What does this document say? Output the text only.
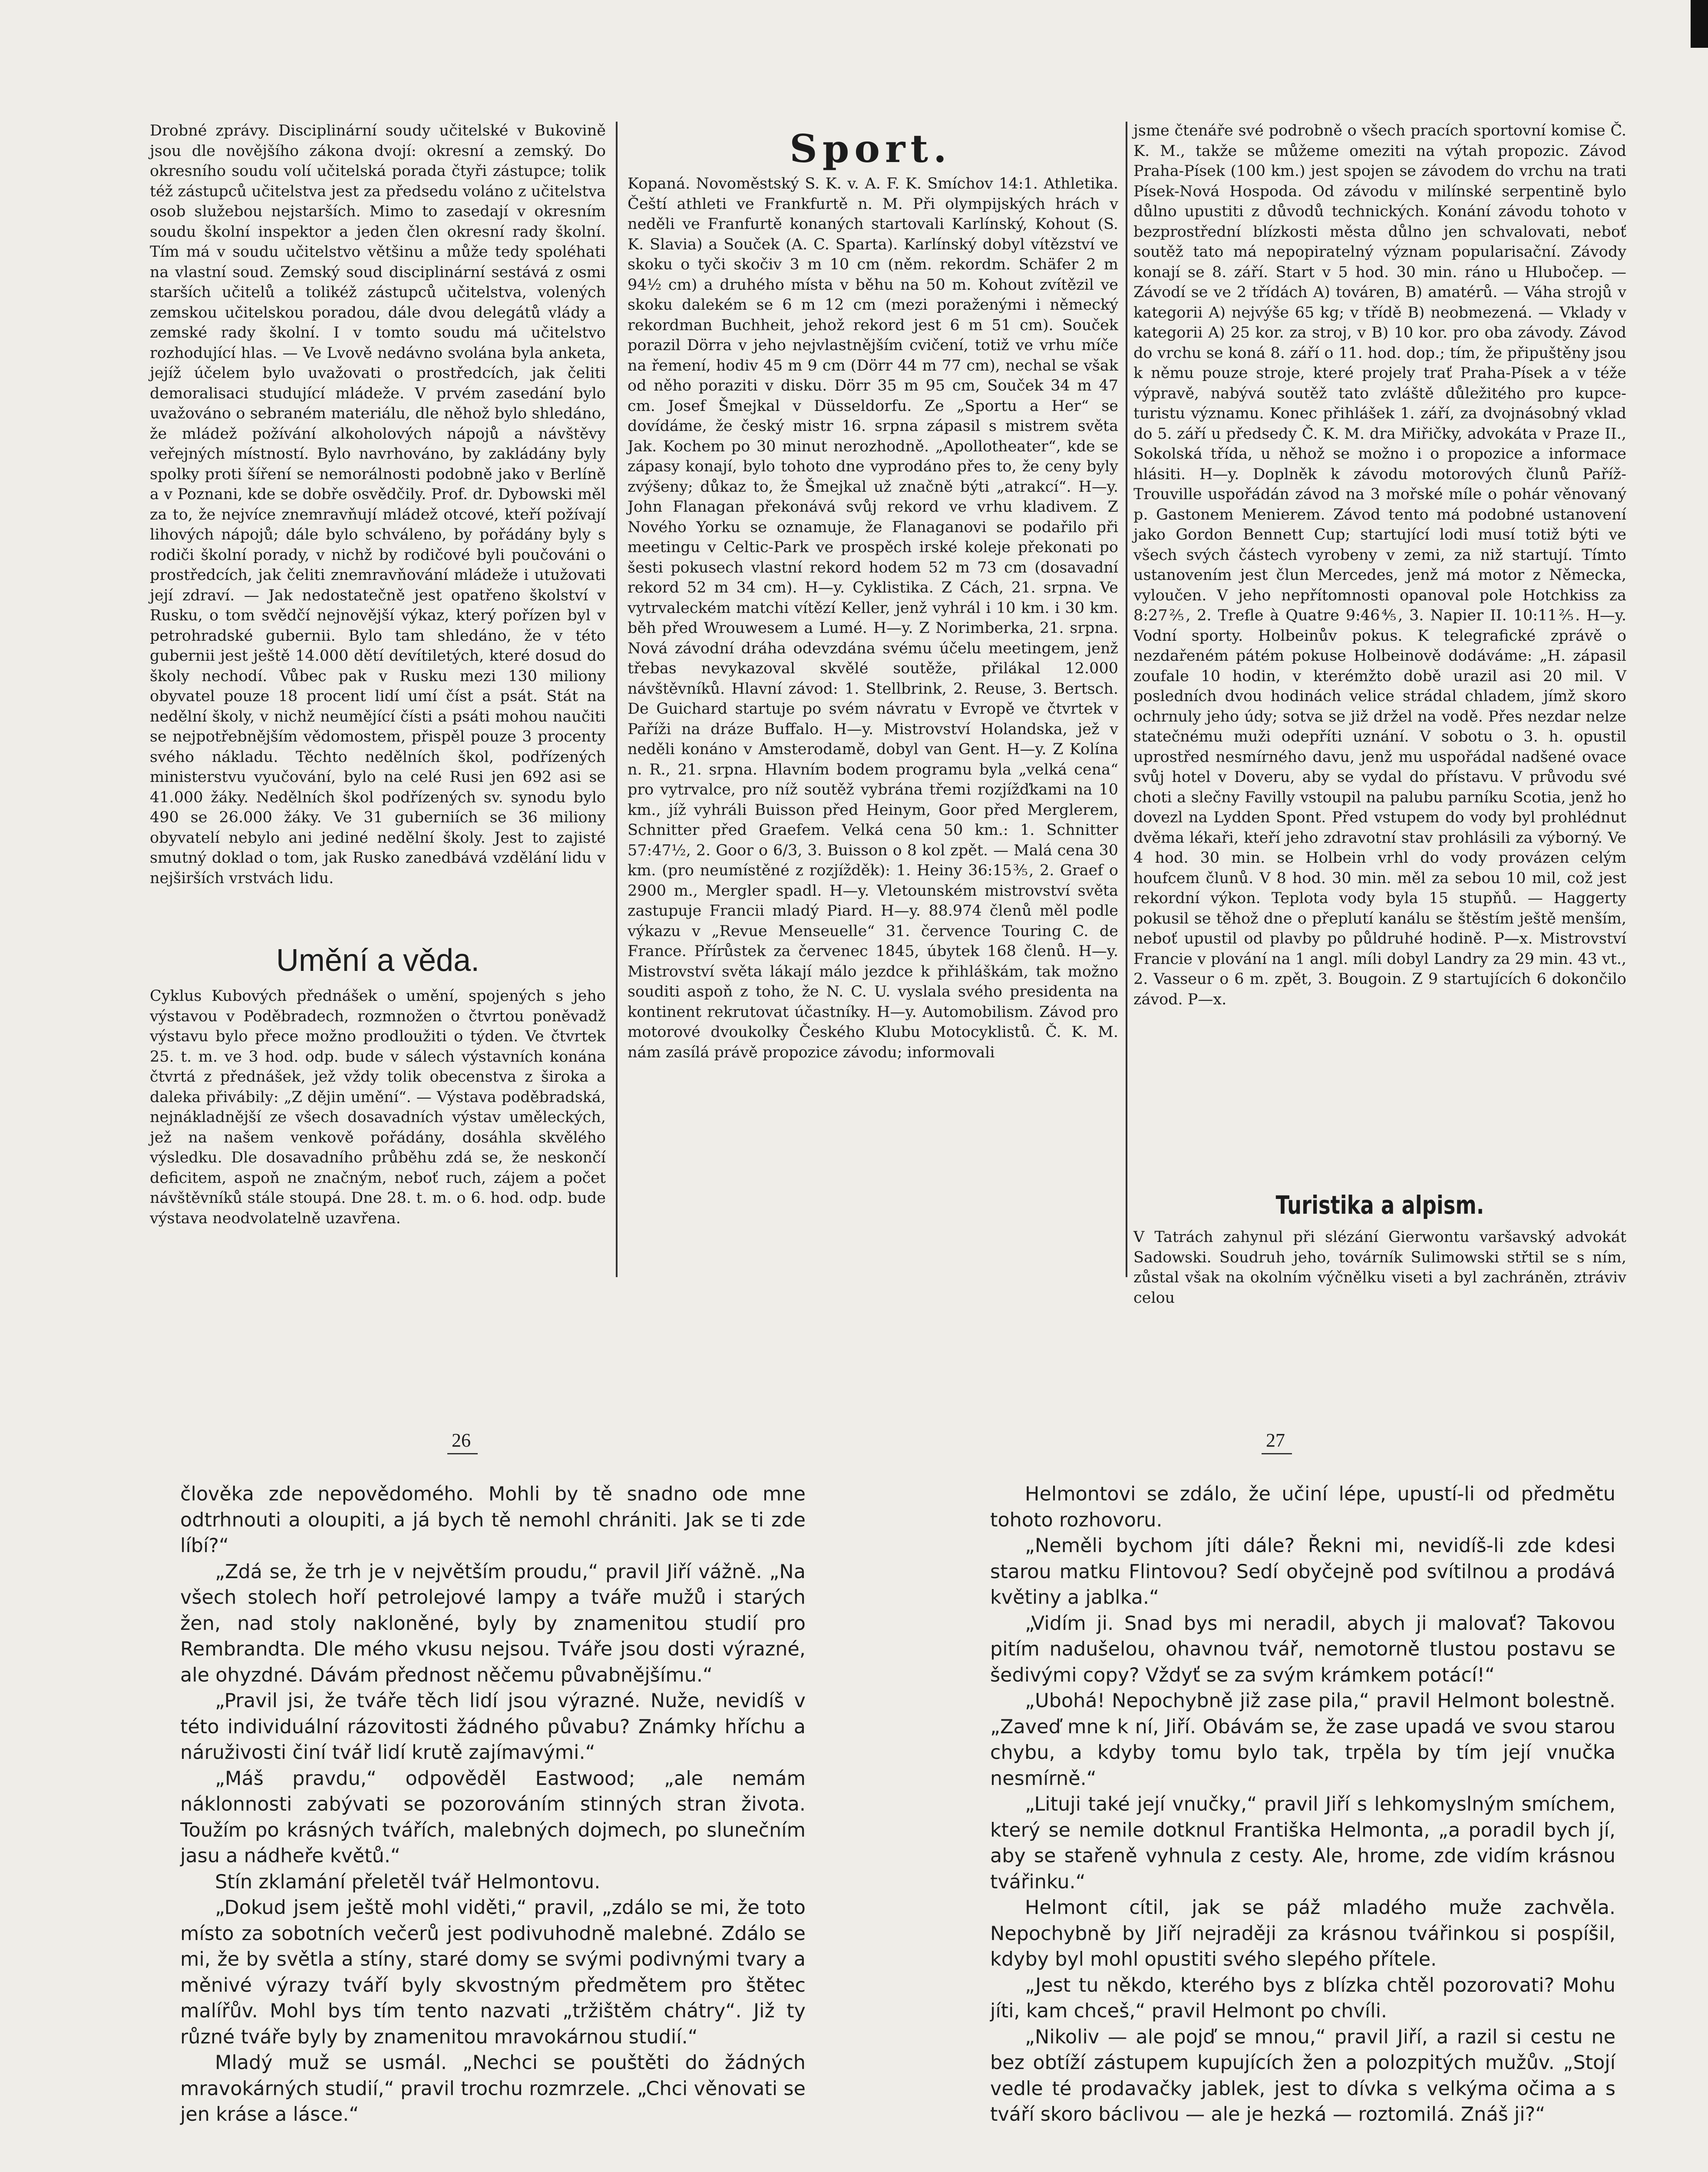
Drobné zprávy. Disciplinární soudy učitelské v Bukovině jsou dle novějšího zákona dvojí: okresní a zemský. Do okresního soudu volí učitelská porada čtyři zástupce; tolik též zástupců učitelstva jest za předsedu voláno z učitelstva osob služebou nejstarších. Mimo to zasedají v okresním soudu školní inspektor a jeden člen okresní rady školní. Tím má v soudu učitelstvo většinu a může tedy spoléhati na vlastní soud. Zemský soud disciplinární sestává z osmi starších učitelů a tolikéž zástupců učitelstva, volených zemskou učitelskou poradou, dále dvou delegátů vlády a zemské rady školní. I v tomto soudu má učitelstvo rozhodující hlas. — Ve Lvově nedávno svolána byla anketa, jejíž účelem bylo uvažovati o prostředcích, jak čeliti demoralisaci studující mládeže. V prvém zasedání bylo uvažováno o sebraném materiálu, dle něhož bylo shledáno, že mládež požívání alkoholových nápojů a návštěvy veřejných místností. Bylo navrhováno, by zakládány byly spolky proti šíření se nemorálnosti podobně jako v Berlíně a v Poznani, kde se dobře osvědčily. Prof. dr. Dybowski měl za to, že nejvíce znemravňují mládež otcové, kteří požívají lihových nápojů; dále bylo schváleno, by pořádány byly s rodiči školní porady, v nichž by rodičové byli poučováni o prostředcích, jak čeliti znemravňování mládeže i utužovati její zdraví. — Jak nedostatečně jest opatřeno školství v Rusku, o tom svědčí nejnovější výkaz, který pořízen byl v petrohradské gubernii. Bylo tam shledáno, že v této gubernii jest ještě 14.000 dětí devítiletých, které dosud do školy nechodí. Vůbec pak v Rusku mezi 130 miliony obyvatel pouze 18 procent lidí umí číst a psát. Stát na nedělní školy, v nichž neumějící čísti a psáti mohou naučiti se nejpotřebnějším vědomostem, přispěl pouze 3 procenty svého nákladu. Těchto nedělních škol, podřízených ministerstvu vyučování, bylo na celé Rusi jen 692 asi se 41.000 žáky. Nedělních škol podřízených sv. synodu bylo 490 se 26.000 žáky. Ve 31 guberniích se 36 miliony obyvatelí nebylo ani jediné nedělní školy. Jest to zajisté smutný doklad o tom, jak Rusko zanedbává vzdělání lidu v nejširších vrstvách lidu.

Umění a věda.

Cyklus Kubových přednášek o umění, spojených s jeho výstavou v Poděbradech, rozmnožen o čtvrtou poněvadž výstavu bylo přece možno prodloužiti o týden. Ve čtvrtek 25. t. m. ve 3 hod. odp. bude v sálech výstavních konána čtvrtá z přednášek, jež vždy tolik obecenstva z široka a daleka přivábily: „Z dějin umění“. — Výstava poděbradská, nejnákladnější ze všech dosavadních výstav uměleckých, jež na našem venkově pořádány, dosáhla skvělého výsledku. Dle dosavadního průběhu zdá se, že neskončí deficitem, aspoň ne značným, neboť ruch, zájem a počet návštěvníků stále stoupá. Dne 28. t. m. o 6. hod. odp. bude výstava neodvolatelně uzavřena.

Sport.

Kopaná. Novoměstský S. K. v. A. F. K. Smíchov 14:1. Athletika. Čeští athleti ve Frankfurtě n. M. Při olympijských hrách v neděli ve Franfurtě konaných startovali Karlínský, Kohout (S. K. Slavia) a Souček (A. C. Sparta). Karlínský dobyl vítězství ve skoku o tyči skočiv 3 m 10 cm (něm. rekordm. Schäfer 2 m 94½ cm) a druhého místa v běhu na 50 m. Kohout zvítězil ve skoku dalekém se 6 m 12 cm (mezi poraženými i německý rekordman Buchheit, jehož rekord jest 6 m 51 cm). Souček porazil Dörra v jeho nejvlastnějším cvičení, totiž ve vrhu míče na řemení, hodiv 45 m 9 cm (Dörr 44 m 77 cm), nechal se však od něho poraziti v disku. Dörr 35 m 95 cm, Souček 34 m 47 cm. Josef Šmejkal v Düsseldorfu. Ze „Sportu a Her“ se dovídáme, že český mistr 16. srpna zápasil s mistrem světa Jak. Kochem po 30 minut nerozhodně. „Apollotheater“, kde se zápasy konají, bylo tohoto dne vyprodáno přes to, že ceny byly zvýšeny; důkaz to, že Šmejkal už značně býti „atrakcí“. H—y. John Flanagan překonává svůj rekord ve vrhu kladivem. Z Nového Yorku se oznamuje, že Flanaganovi se podařilo při meetingu v Celtic-Park ve prospěch irské koleje překonati po šesti pokusech vlastní rekord hodem 52 m 73 cm (dosavadní rekord 52 m 34 cm). H—y. Cyklistika. Z Cách, 21. srpna. Ve vytrvaleckém matchi vítězí Keller, jenž vyhrál i 10 km. i 30 km. běh před Wrouwesem a Lumé. H—y. Z Norimberka, 21. srpna. Nová závodní dráha odevzdána svému účelu meetingem, jenž třebas nevykazoval skvělé soutěže, přilákal 12.000 návštěvníků. Hlavní závod: 1. Stellbrink, 2. Reuse, 3. Bertsch. De Guichard startuje po svém návratu v Evropě ve čtvrtek v Paříži na dráze Buffalo. H—y. Mistrovství Holandska, jež v neděli konáno v Amsterodamě, dobyl van Gent. H—y. Z Kolína n. R., 21. srpna. Hlavním bodem programu byla „velká cena“ pro vytrvalce, pro níž soutěž vybrána třemi rozjížďkami na 10 km., jíž vyhráli Buisson před Heinym, Goor před Merglerem, Schnitter před Graefem. Velká cena 50 km.: 1. Schnitter 57:47½, 2. Goor o 6/3, 3. Buisson o 8 kol zpět. — Malá cena 30 km. (pro neumístěné z rozjížděk): 1. Heiny 36:15⅗, 2. Graef o 2900 m., Mergler spadl. H—y. Vletounském mistrovství světa zastupuje Francii mladý Piard. H—y. 88.974 členů měl podle výkazu v „Revue Menseuelle“ 31. července Touring C. de France. Přírůstek za červenec 1845, úbytek 168 členů. H—y. Mistrovství světa lákají málo jezdce k přihláškám, tak možno souditi aspoň z toho, že N. C. U. vyslala svého presidenta na kontinent rekrutovat účastníky. H—y. Automobilism. Závod pro motorové dvoukolky Českého Klubu Motocyklistů. Č. K. M. nám zasílá právě propozice závodu; informovali

jsme čtenáře své podrobně o všech pracích sportovní komise Č. K. M., takže se můžeme omeziti na výtah propozic. Závod Praha-Písek (100 km.) jest spojen se závodem do vrchu na trati Písek-Nová Hospoda. Od závodu v milínské serpentině bylo důlno upustiti z důvodů technických. Konání závodu tohoto v bezprostřední blízkosti města důlno jen schvalovati, neboť soutěž tato má nepopiratelný význam popularisační. Závody konají se 8. září. Start v 5 hod. 30 min. ráno u Hlubočep. — Závodí se ve 2 třídách A) továren, B) amatérů. — Váha strojů v kategorii A) nejvýše 65 kg; v třídě B) neobmezená. — Vklady v kategorii A) 25 kor. za stroj, v B) 10 kor. pro oba závody. Závod do vrchu se koná 8. září o 11. hod. dop.; tím, že připuštěny jsou k němu pouze stroje, které projely trať Praha-Písek a v téže výpravě, nabývá soutěž tato zvláště důležitého pro kupce-turistu významu. Konec přihlášek 1. září, za dvojnásobný vklad do 5. září u předsedy Č. K. M. dra Miřičky, advokáta v Praze II., Sokolská třída, u něhož se možno i o propozice a informace hlásiti. H—y. Doplněk k závodu motorových člunů Paříž-Trouville uspořádán závod na 3 mořské míle o pohár věnovaný p. Gastonem Menierem. Závod tento má podobné ustanovení jako Gordon Bennett Cup; startující lodi musí totiž býti ve všech svých částech vyrobeny v zemi, za niž startují. Tímto ustanovením jest člun Mercedes, jenž má motor z Německa, vyloučen. V jeho nepřítomnosti opanoval pole Hotchkiss za 8:27⅖, 2. Trefle à Quatre 9:46⅘, 3. Napier II. 10:11⅖. H—y. Vodní sporty. Holbeinův pokus. K telegrafické zprávě o nezdařeném pátém pokuse Holbeinově dodáváme: „H. zápasil zoufale 10 hodin, v kterémžto době urazil asi 20 mil. V posledních dvou hodinách velice strádal chladem, jímž skoro ochrnuly jeho údy; sotva se již držel na vodě. Přes nezdar nelze statečnému muži odepříti uznání. V sobotu o 3. h. opustil uprostřed nesmírného davu, jenž mu uspořádal nadšené ovace svůj hotel v Doveru, aby se vydal do přístavu. V průvodu své choti a slečny Favilly vstoupil na palubu parníku Scotia, jenž ho dovezl na Lydden Spont. Před vstupem do vody byl prohlédnut dvěma lékaři, kteří jeho zdravotní stav prohlásili za výborný. Ve 4 hod. 30 min. se Holbein vrhl do vody provázen celým houfcem člunů. V 8 hod. 30 min. měl za sebou 10 mil, což jest rekordní výkon. Teplota vody byla 15 stupňů. — Haggerty pokusil se těhož dne o přeplutí kanálu se štěstím ještě menším, neboť upustil od plavby po půldruhé hodině. P—x. Mistrovství Francie v plování na 1 angl. míli dobyl Landry za 29 min. 43 vt., 2. Vasseur o 6 m. zpět, 3. Bougoin. Z 9 startujících 6 dokončilo závod. P—x.

Turistika a alpism.

V Tatrách zahynul při slézání Gierwontu varšavský advokát Sadowski. Soudruh jeho, továrník Sulimowski střtil se s ním, zůstal však na okolním výčnělku viseti a byl zachráněn, ztráviv celou

26	27

člověka zde nepovědomého. Mohli by tě snadno ode mne odtrhnouti a oloupiti, a já bych tě nemohl chrániti. Jak se ti zde líbí?“

„Zdá se, že trh je v největším proudu,“ pravil Jiří vážně. „Na všech stolech hoří petrolejové lampy a tváře mužů i starých žen, nad stoly nakloněné, byly by znamenitou studií pro Rembrandta. Dle mého vkusu nejsou. Tváře jsou dosti výrazné, ale ohyzdné. Dávám přednost něčemu půvabnějšímu.“

„Pravil jsi, že tváře těch lidí jsou výrazné. Nuže, nevidíš v této individuální rázovitosti žádného půvabu? Známky hříchu a náruživosti činí tvář lidí krutě zajímavými.“

„Máš pravdu,“ odpověděl Eastwood; „ale nemám náklonnosti zabývati se pozorováním stinných stran života. Toužím po krásných tvářích, malebných dojmech, po slunečním jasu a nádheře květů.“

Stín zklamání přeletěl tvář Helmontovu.

„Dokud jsem ještě mohl viděti,“ pravil, „zdálo se mi, že toto místo za sobotních večerů jest podivuhodně malebné. Zdálo se mi, že by světla a stíny, staré domy se svými podivnými tvary a měnivé výrazy tváří byly skvostným předmětem pro štětec malířův. Mohl bys tím tento nazvati „tržištěm chátry“. Již ty různé tváře byly by znamenitou mravokárnou studií.“

Mladý muž se usmál. „Nechci se pouštěti do žádných mravokárných studií,“ pravil trochu rozmrzele. „Chci věnovati se jen kráse a lásce.“

Helmontovi se zdálo, že učiní lépe, upustí-li od předmětu tohoto rozhovoru.

„Neměli bychom jíti dále? Řekni mi, nevidíš-li zde kdesi starou matku Flintovou? Sedí obyčejně pod svítilnou a prodává květiny a jablka.“

„Vidím ji. Snad bys mi neradil, abych ji malovať? Takovou pitím nadušelou, ohavnou tvář, nemotorně tlustou postavu se šedivými copy? Vždyť se za svým krámkem potácí!“

„Ubohá! Nepochybně již zase pila,“ pravil Helmont bolestně. „Zaveď mne k ní, Jiří. Obávám se, že zase upadá ve svou starou chybu, a kdyby tomu bylo tak, trpěla by tím její vnučka nesmírně.“

„Lituji také její vnučky,“ pravil Jiří s lehkomyslným smíchem, který se nemile dotknul Františka Helmonta, „a poradil bych jí, aby se stařeně vyhnula z cesty. Ale, hrome, zde vidím krásnou tvářinku.“

Helmont cítil, jak se páž mladého muže zachvěla. Nepochybně by Jiří nejraději za krásnou tvářinkou si pospíšil, kdyby byl mohl opustiti svého slepého přítele.

„Jest tu někdo, kterého bys z blízka chtěl pozorovati? Mohu jíti, kam chceš,“ pravil Helmont po chvíli.

„Nikoliv — ale pojď se mnou,“ pravil Jiří, a razil si cestu ne bez obtíží zástupem kupujících žen a polozpitých mužův. „Stojí vedle té prodavačky jablek, jest to dívka s velkýma očima a s tváří skoro báclivou — ale je hezká — roztomilá. Znáš ji?“
